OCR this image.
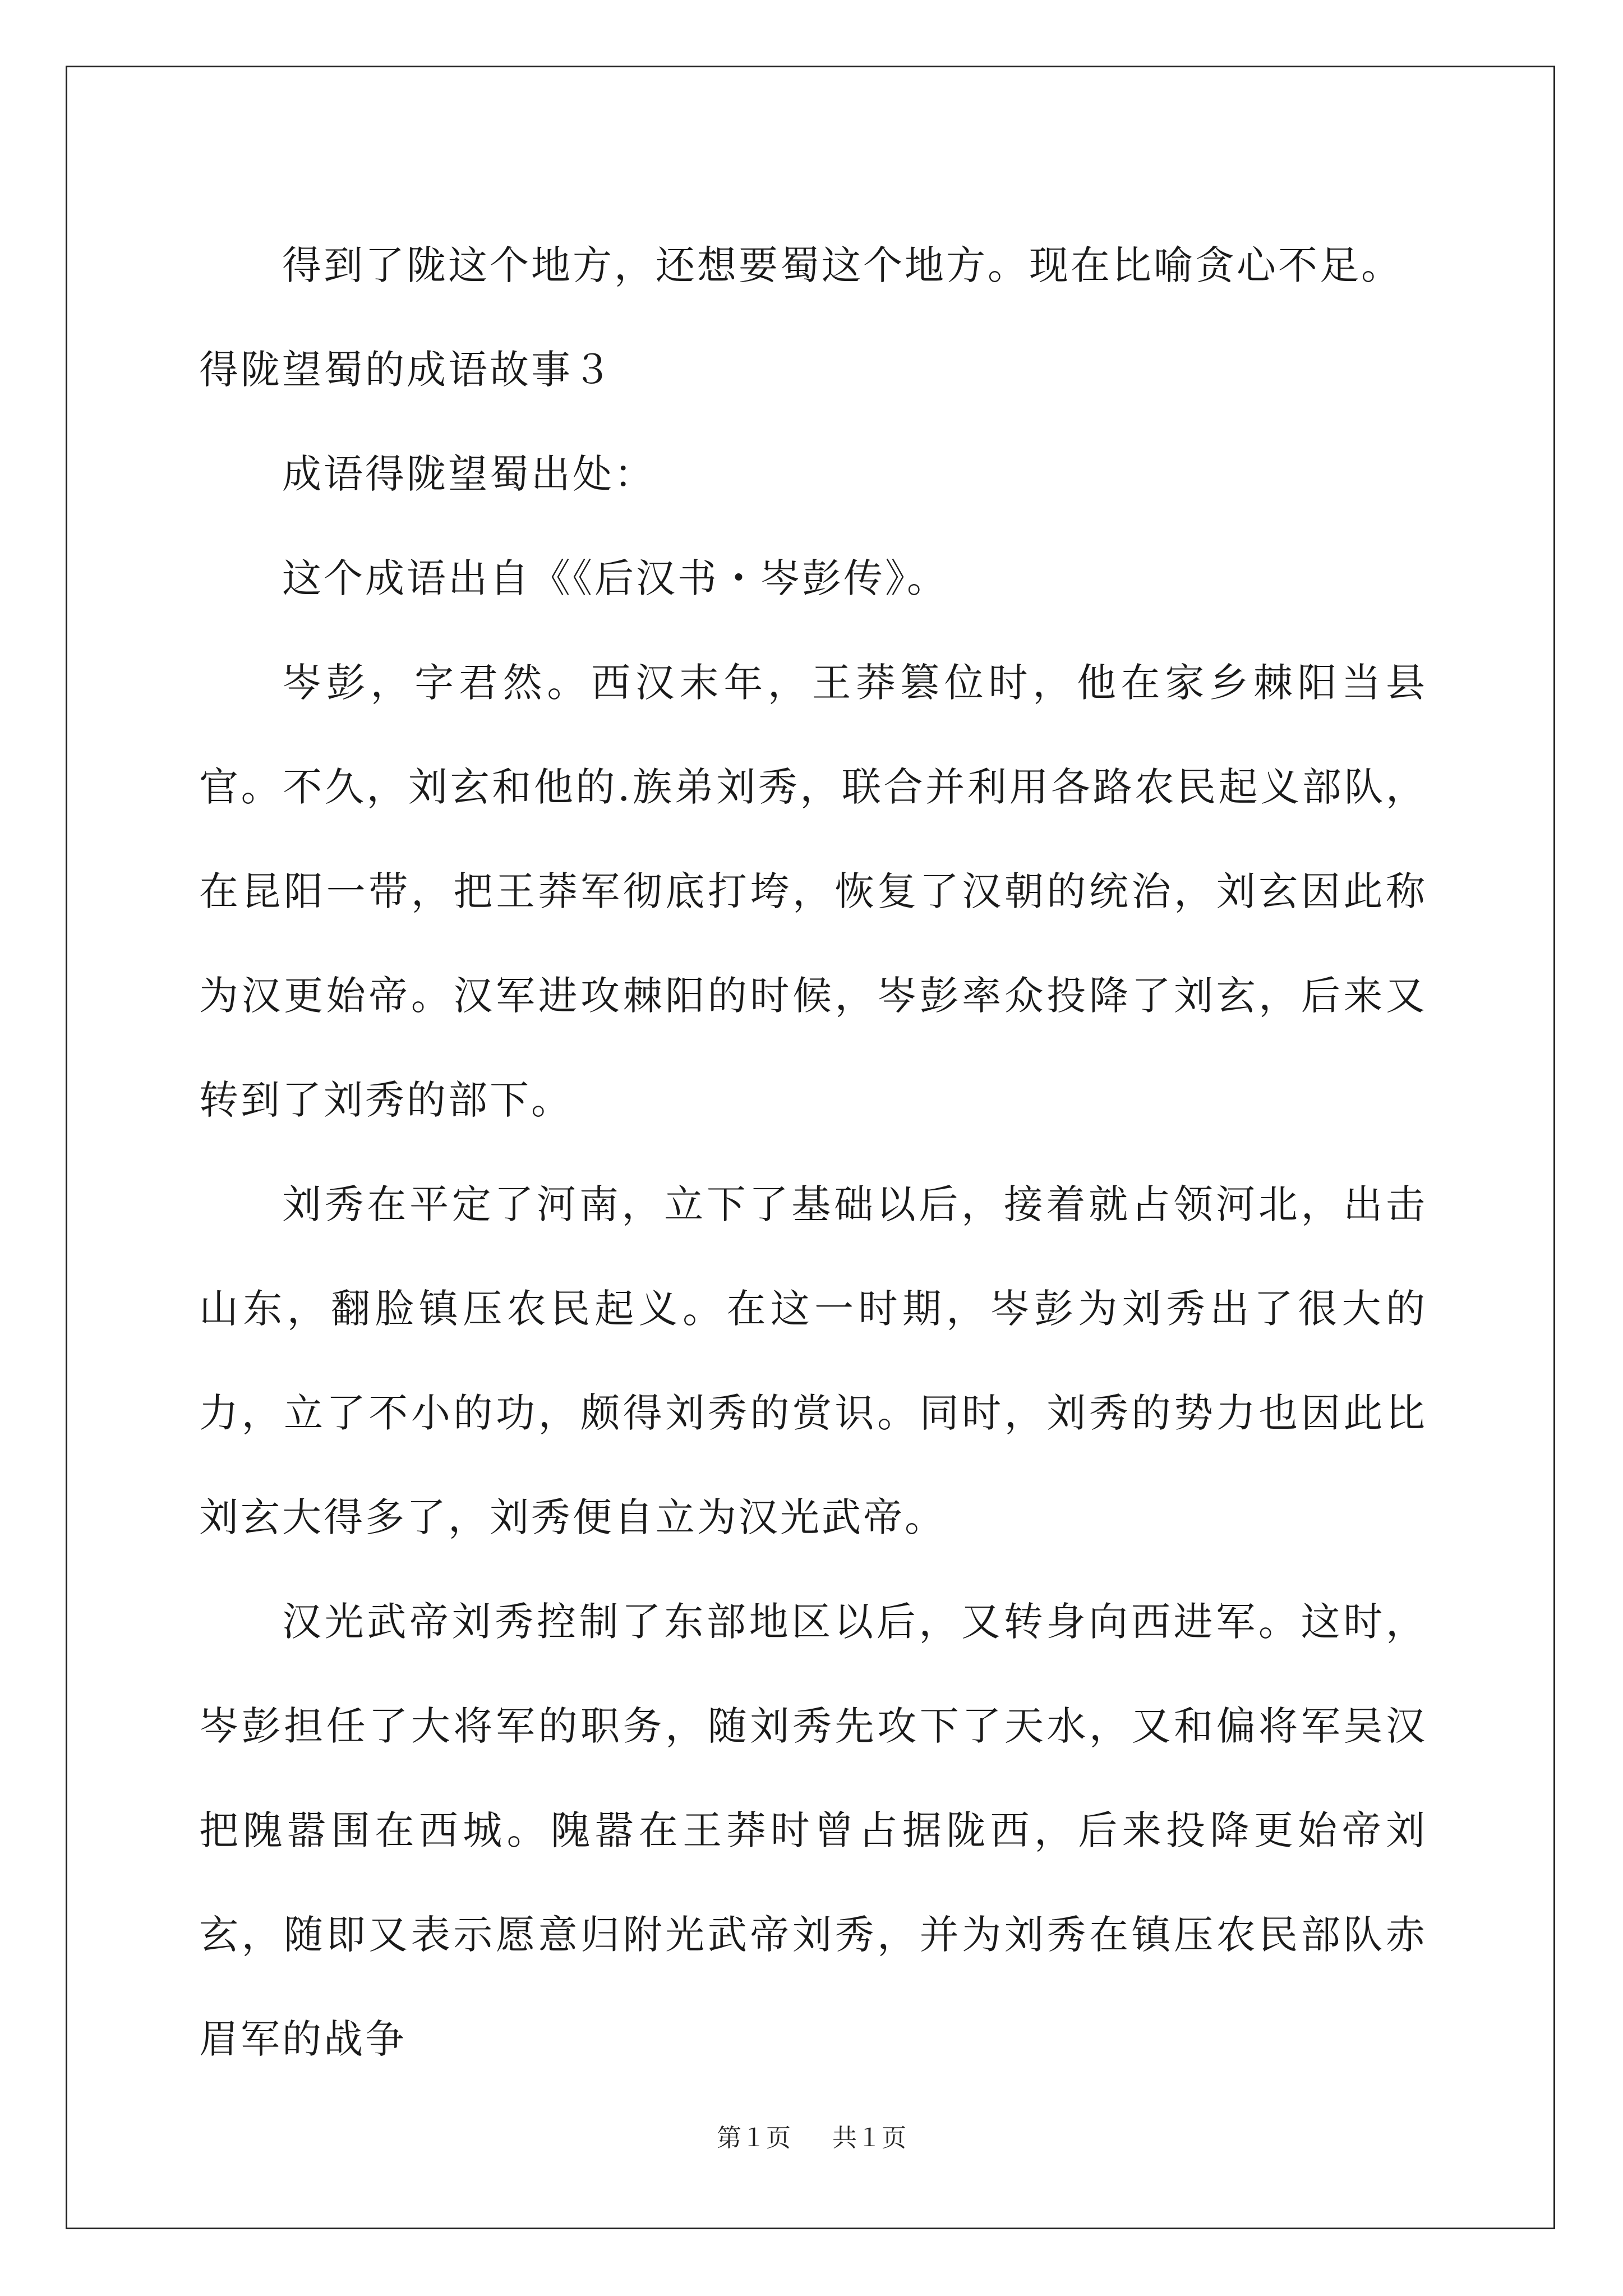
得到了陇这个地方，还想要蜀这个地方。现在比喻贪心不足。

得陇望蜀的成语故事３

成语得陇望蜀出处：

这个成语出自《《后汉书・岑彭传》。

岑彭，字君然。西汉末年，王莽篡位时，他在家乡棘阳当县官。不久，刘玄和他的.族弟刘秀，联合并利用各路农民起义部队，在昆阳一带，把王莽军彻底打垮，恢复了汉朝的统治，刘玄因此称为汉更始帝。汉军进攻棘阳的时候，岑彭率众投降了刘玄，后来又转到了刘秀的部下。

刘秀在平定了河南，立下了基础以后，接着就占领河北，出击山东，翻脸镇压农民起义。在这一时期，岑彭为刘秀出了很大的力，立了不小的功，颇得刘秀的赏识。同时，刘秀的势力也因此比刘玄大得多了，刘秀便自立为汉光武帝。

汉光武帝刘秀控制了东部地区以后，又转身向西进军。这时，岑彭担任了大将军的职务，随刘秀先攻下了天水，又和偏将军吴汉把隗嚣围在西城。隗嚣在王莽时曾占据陇西，后来投降更始帝刘玄，随即又表示愿意归附光武帝刘秀，并为刘秀在镇压农民部队赤眉军的战争

第１页 共１页
